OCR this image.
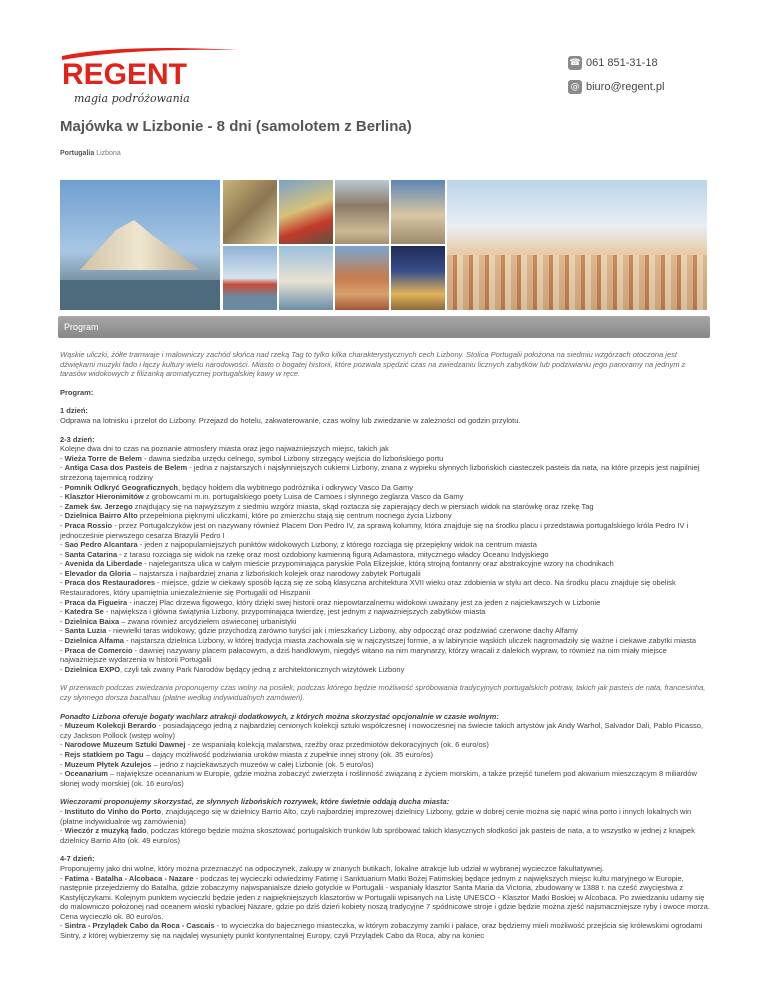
REGENT
magia podróżowania
☎ 061 851-31-18
@ biuro@regent.pl
Majówka w Lizbonie - 8 dni (samolotem z Berlina)
Portugalia Lizbona
Program

Wąskie uliczki, żółte tramwaje i malowniczy zachód słońca nad rzeką Tag to tylko kilka charakterystycznych cech Lizbony. Stolica Portugalii położona na siedmiu wzgórzach otoczona jest dźwiękami muzyki fado i łączy kultury wielu narodowości. Miasto o bogatej historii, które pozwala spędzić czas na zwiedzaniu licznych zabytków lub podziwianiu jego panoramy na jednym z tarasów widokowych z filiżanką aromatycznej portugalskiej kawy w ręce.

Program:

1 dzień:
Odprawa na lotnisku i przelot do Lizbony. Przejazd do hotelu, zakwaterowanie, czas wolny lub zwiedzanie w zależności od godzin przylotu.

2-3 dzień:
Kolejne dwa dni to czas na poznanie atmosfery miasta oraz jego najważniejszych miejsc, takich jak
- Wieża Torre de Belem - dawna siedziba urzędu celnego, symbol Lizbony strzegący wejścia do lizbońskiego portu
- Antiga Casa dos Pasteis de Belem - jedna z najstarszych i najsłynniejszych cukierni Lizbony, znana z wypieku słynnych lizbońskich ciasteczek pasteis da nata, na które przepis jest najpilniej strzeżoną tajemnicą rodziny
- Pomnik Odkryć Geograficznych, będący hołdem dla wybitnego podróżnika i odkrywcy Vasco Da Gamy
- Klasztor Hieronimitów z grobowcami m.in. portugalskiego poety Luisa de Camoes i słynnego żeglarza Vasco da Gamy
- Zamek św. Jerzego znajdujący się na najwyższym z siedmiu wzgórz miasta, skąd roztacza się zapierający dech w piersiach widok na starówkę oraz rzekę Tag
- Dzielnica Bairro Alto przepełniona pięknymi uliczkami, które po zmierzchu stają się centrum nocnego życia Lizbony
- Praca Rossio - przez Portugalczyków jest on nazywany również Placem Don Pedro IV, za sprawą kolumny, która znajduje się na środku placu i przedstawia portugalskiego króla Pedro IV i jednocześnie pierwszego cesarza Brazylii Pedro I
- Sao Pedro Alcantara - jeden z najpopularniejszych punktów widokowych Lizbony, z którego rozciąga się przepiękny widok na centrum miasta
- Santa Catarina - z tarasu rozciąga się widok na rzekę oraz most ozdobiony kamienną figurą Adamastora, mitycznego władcy Oceanu Indyjskiego
- Avenida da Liberdade - najelegantsza ulica w całym mieście przypominająca paryskie Pola Elizejskie, którą strojną fontanny oraz abstrakcyjne wzory na chodnikach
- Elevador da Gloria – najstarsza i najbardziej znana z lizbońskich kolejek oraz narodowy zabytek Portugalii
- Praca dos Restauradores - miejsce, gdzie w ciekawy sposób łączą się ze sobą klasyczna architektura XVII wieku oraz zdobienia w stylu art deco. Na środku placu znajduje się obelisk Restauradores, który upamiętnia uniezależnienie się Portugalii od Hiszpanii
- Praca da Figueira - inaczej Plac drzewa figowego, który dzięki swej historii oraz niepowtarzalnemu widokowi uważany jest za jeden z najciekawszych w Lizbonie
- Katedra Se - największa i główna świątynia Lizbony, przypominająca twierdzę, jest jednym z najważniejszych zabytków miasta
- Dzielnica Baixa – zwana również arcydziełem oświeconej urbanistyki
- Santa Luzia - niewielki taras widokowy, gdzie przychodzą zarówno turyści jak i mieszkańcy Lizbony, aby odpocząć oraz podziwiać czerwone dachy Alfamy
- Dzielnica Alfama - najstarsza dzielnica Lizbony, w której tradycja miasta zachowała się w najczystszej formie, a w labiryncie wąskich uliczek nagromadziły się ważne i ciekawe zabytki miasta
- Praca de Comercio - dawniej nazywany placem pałacowym, a dziś handlowym, niegdyś witano na nim marynarzy, którzy wracali z dalekich wypraw, to również na nim miały miejsce najważniejsze wydarzenia w historii Portugalii
- Dzielnica EXPO, czyli tak zwany Park Narodów będący jedną z architektonicznych wizytówek Lizbony

W przerwach podczas zwiedzania proponujemy czas wolny na posiłek, podczas którego będzie możliwość spróbowania tradycyjnych portugalskich potraw, takich jak pasteis de nata, francesinha, czy słynnego dorsza bacalhau (płatne według indywidualnych zamówień).

Ponadto Lizbona oferuje bogaty wachlarz atrakcji dodatkowych, z których można skorzystać opcjonalnie w czasie wolnym:
- Muzeum Kolekcji Berardo - posiadającego jedną z najbardziej cenionych kolekcji sztuki współczesnej i nowoczesnej na świecie takich artystów jak Andy Warhol, Salvador Dali, Pablo Picasso, czy Jackson Pollock (wstęp wolny)
- Narodowe Muzeum Sztuki Dawnej - ze wspaniałą kolekcją malarstwa, rzeźby oraz przedmiotów dekoracyjnych (ok. 6 euro/os)
- Rejs statkiem po Tagu – dający możliwość podziwiania uroków miasta z zupełnie innej strony (ok. 35 euro/os)
- Muzeum Płytek Azulejos – jedno z najciekawszych muzeów w całej Lizbonie (ok. 5 euro/os)
- Oceanarium – największe oceanarium w Europie, gdzie można zobaczyć zwierzęta i roślinność związaną z życiem morskim, a także przejść tunelem pod akwarium mieszczącym 8 miliardów słonej wody morskiej (ok. 16 euro/os)

Wieczorami proponujemy skorzystać, ze słynnych lizbońskich rozrywek, które świetnie oddają ducha miasta:
- Instituto do Vinho do Porto, znajdującego się w dzielnicy Barrio Alto, czyli najbardziej imprezowej dzielnicy Lizbony, gdzie w dobrej cenie można się napić wina porto i innych lokalnych win (płatne indywidualnie wg zamówienia)
- Wieczór z muzyką fado, podczas którego będzie można skosztować portugalskich trunków lub spróbować takich klasycznych słodkości jak pasteis de nata, a to wszystko w jednej z knajpek dzielnicy Barrio Alto (ok. 49 euro/os)

4-7 dzień:
Proponujemy jako dni wolne, który można przeznaczyć na odpoczynek, zakupy w znanych butikach, lokalne atrakcje lub udział w wybranej wycieczce fakultatywnej.
- Fatima - Batalha - Alcobaca - Nazare - podczas tej wycieczki odwiedzimy Fatimę i Sanktuarium Matki Bożej Fatimskiej będące jednym z największych miejsc kultu maryjnego w Europie, następnie przejedziemy do Batalha, gdzie zobaczymy najwspanialsze dzieło gotyckie w Portugalii - wspaniały klasztor Santa Maria da Victoria, zbudowany w 1388 r. na cześć zwycięstwa z Kastylijczykami. Kolejnym punktem wycieczki będzie jeden z najpiękniejszych klasztorów w Portugalii wpisanych na Listę UNESCO - Klasztor Matki Boskiej w Alcobaca. Po zwiedzaniu udamy się do malowniczo położonej nad oceanem wioski rybackiej Nazare, gdzie po dziś dzień kobiety noszą tradycyjne 7 spódnicowe stroje i gdzie będzie można zjeść najsmaczniejsze ryby i owoce morza. Cena wycieczki ok. 80 euro/os.
- Sintra - Przylądek Cabo da Roca - Cascais - to wycieczka do bajecznego miasteczka, w którym zobaczymy zamki i pałace, oraz będziemy mieli możliwość przejścia się królewskimi ogrodami Sintry, z której wybierzemy się na najdalej wysunięty punkt kontynentalnej Europy, czyli Przylądek Cabo da Roca, aby na koniec
